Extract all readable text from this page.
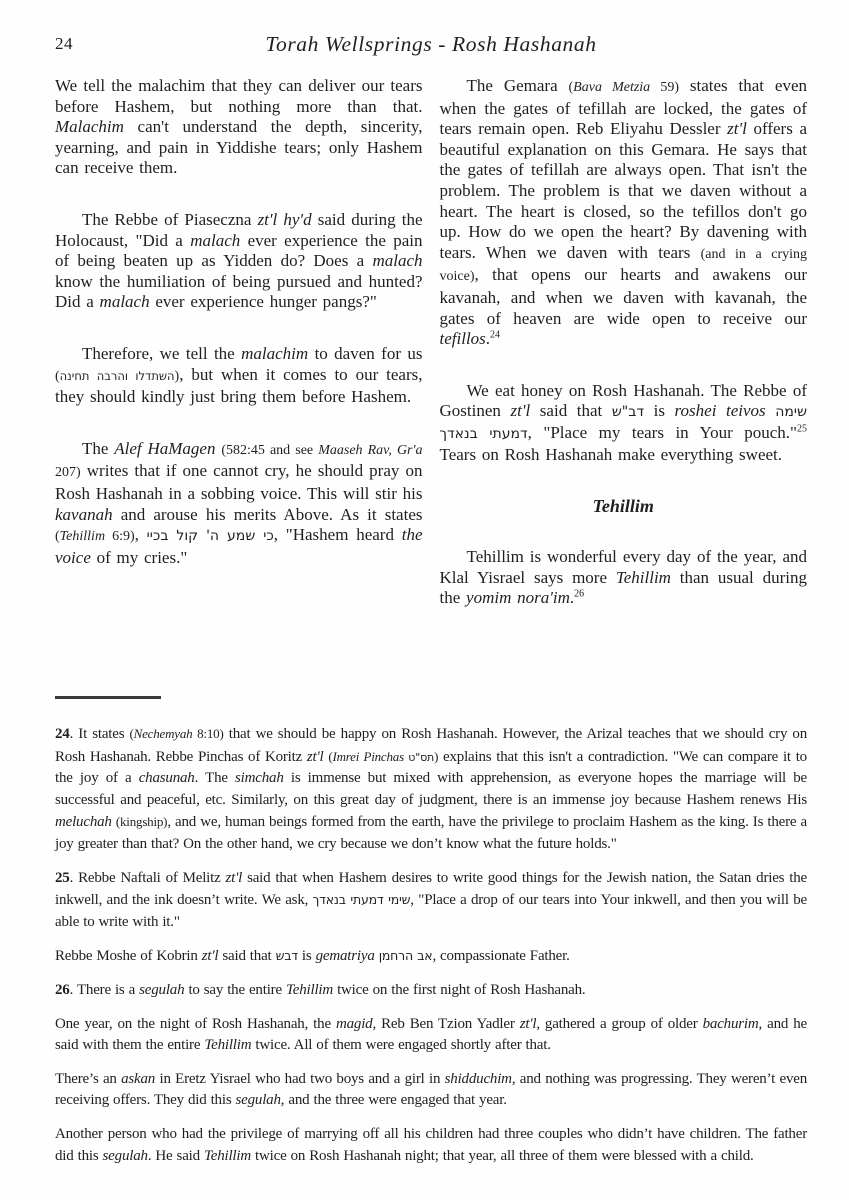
24	Torah Wellsprings - Rosh Hashanah

We tell the malachim that they can deliver our tears before Hashem, but nothing more than that. Malachim can't understand the depth, sincerity, yearning, and pain in Yiddishe tears; only Hashem can receive them.

The Rebbe of Piaseczna zt'l hy'd said during the Holocaust, "Did a malach ever experience the pain of being beaten up as Yidden do? Does a malach know the humiliation of being pursued and hunted? Did a malach ever experience hunger pangs?"

Therefore, we tell the malachim to daven for us (השתדלו והרבה תחינה), but when it comes to our tears, they should kindly just bring them before Hashem.

The Alef HaMagen (582:45 and see Maaseh Rav, Gr'a 207) writes that if one cannot cry, he should pray on Rosh Hashanah in a sobbing voice. This will stir his kavanah and arouse his merits Above. As it states (Tehillim 6:9), כי שמע ה' קול בכיי, "Hashem heard the voice of my cries."

The Gemara (Bava Metzia 59) states that even when the gates of tefillah are locked, the gates of tears remain open. Reb Eliyahu Dessler zt'l offers a beautiful explanation on this Gemara. He says that the gates of tefillah are always open. That isn't the problem. The problem is that we daven without a heart. The heart is closed, so the tefillos don't go up. How do we open the heart? By davening with tears. When we daven with tears (and in a crying voice), that opens our hearts and awakens our kavanah, and when we daven with kavanah, the gates of heaven are wide open to receive our tefillos.$^{24}$

We eat honey on Rosh Hashanah. The Rebbe of Gostinen zt'l said that דב"ש is roshei teivos שימה דמעתי בנאדך, "Place my tears in Your pouch."$^{25}$ Tears on Rosh Hashanah make everything sweet.

Tehillim

Tehillim is wonderful every day of the year, and Klal Yisrael says more Tehillim than usual during the yomim nora'im.$^{26}$

24. It states (Nechemyah 8:10) that we should be happy on Rosh Hashanah. However, the Arizal teaches that we should cry on Rosh Hashanah. Rebbe Pinchas of Koritz zt'l (Imrei Pinchas תס"ט) explains that this isn't a contradiction. "We can compare it to the joy of a chasunah. The simchah is immense but mixed with apprehension, as everyone hopes the marriage will be successful and peaceful, etc. Similarly, on this great day of judgment, there is an immense joy because Hashem renews His meluchah (kingship), and we, human beings formed from the earth, have the privilege to proclaim Hashem as the king. Is there a joy greater than that? On the other hand, we cry because we don’t know what the future holds."

25. Rebbe Naftali of Melitz zt'l said that when Hashem desires to write good things for the Jewish nation, the Satan dries the inkwell, and the ink doesn’t write. We ask, שימי דמעתי בנאדך, "Place a drop of our tears into Your inkwell, and then you will be able to write with it."

Rebbe Moshe of Kobrin zt'l said that דבש is gematriya אב הרחמן, compassionate Father.

26. There is a segulah to say the entire Tehillim twice on the first night of Rosh Hashanah.

One year, on the night of Rosh Hashanah, the magid, Reb Ben Tzion Yadler zt'l, gathered a group of older bachurim, and he said with them the entire Tehillim twice. All of them were engaged shortly after that.

There’s an askan in Eretz Yisrael who had two boys and a girl in shidduchim, and nothing was progressing. They weren’t even receiving offers. They did this segulah, and the three were engaged that year.

Another person who had the privilege of marrying off all his children had three couples who didn’t have children. The father did this segulah. He said Tehillim twice on Rosh Hashanah night; that year, all three of them were blessed with a child.
